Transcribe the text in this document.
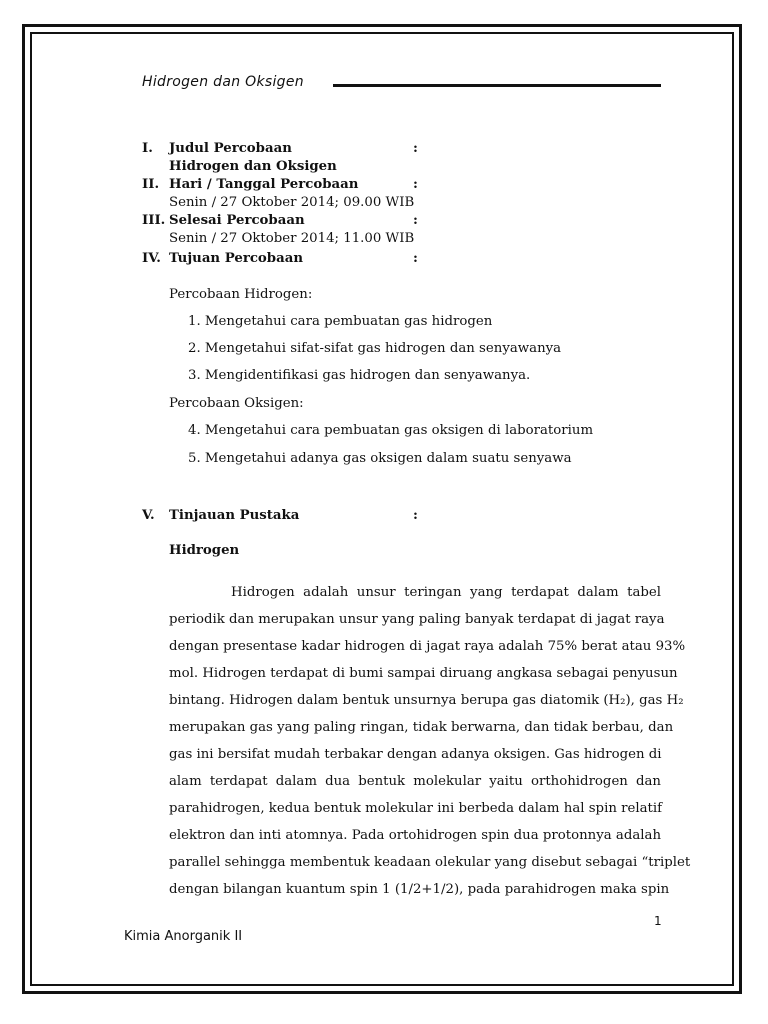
Hidrogen dan Oksigen
I. Judul Percobaan	:
Hidrogen dan Oksigen
II. Hari / Tanggal Percobaan	:
Senin / 27 Oktober 2014; 09.00 WIB
III. Selesai Percobaan	:
Senin / 27 Oktober 2014; 11.00 WIB
IV. Tujuan Percobaan	:
Percobaan Hidrogen:
1. Mengetahui cara pembuatan gas hidrogen
2. Mengetahui sifat-sifat gas hidrogen dan senyawanya
3. Mengidentifikasi gas hidrogen dan senyawanya.
Percobaan Oksigen:
4. Mengetahui cara pembuatan gas oksigen di laboratorium
5. Mengetahui adanya gas oksigen dalam suatu senyawa
V. Tinjauan Pustaka	:
Hidrogen
Hidrogen adalah unsur teringan yang terdapat dalam tabel
periodik dan merupakan unsur yang paling banyak terdapat di jagat raya
dengan presentase kadar hidrogen di jagat raya adalah 75% berat atau 93%
mol. Hidrogen terdapat di bumi sampai diruang angkasa sebagai penyusun
bintang. Hidrogen dalam bentuk unsurnya berupa gas diatomik (H₂), gas H₂
merupakan gas yang paling ringan, tidak berwarna, dan tidak berbau, dan
gas ini bersifat mudah terbakar dengan adanya oksigen. Gas hidrogen di
alam terdapat dalam dua bentuk molekular yaitu orthohidrogen dan
parahidrogen, kedua bentuk molekular ini berbeda dalam hal spin relatif
elektron dan inti atomnya. Pada ortohidrogen spin dua protonnya adalah
parallel sehingga membentuk keadaan olekular yang disebut sebagai “triplet
dengan bilangan kuantum spin 1 (1/2+1/2), pada parahidrogen maka spin
1
Kimia Anorganik II
